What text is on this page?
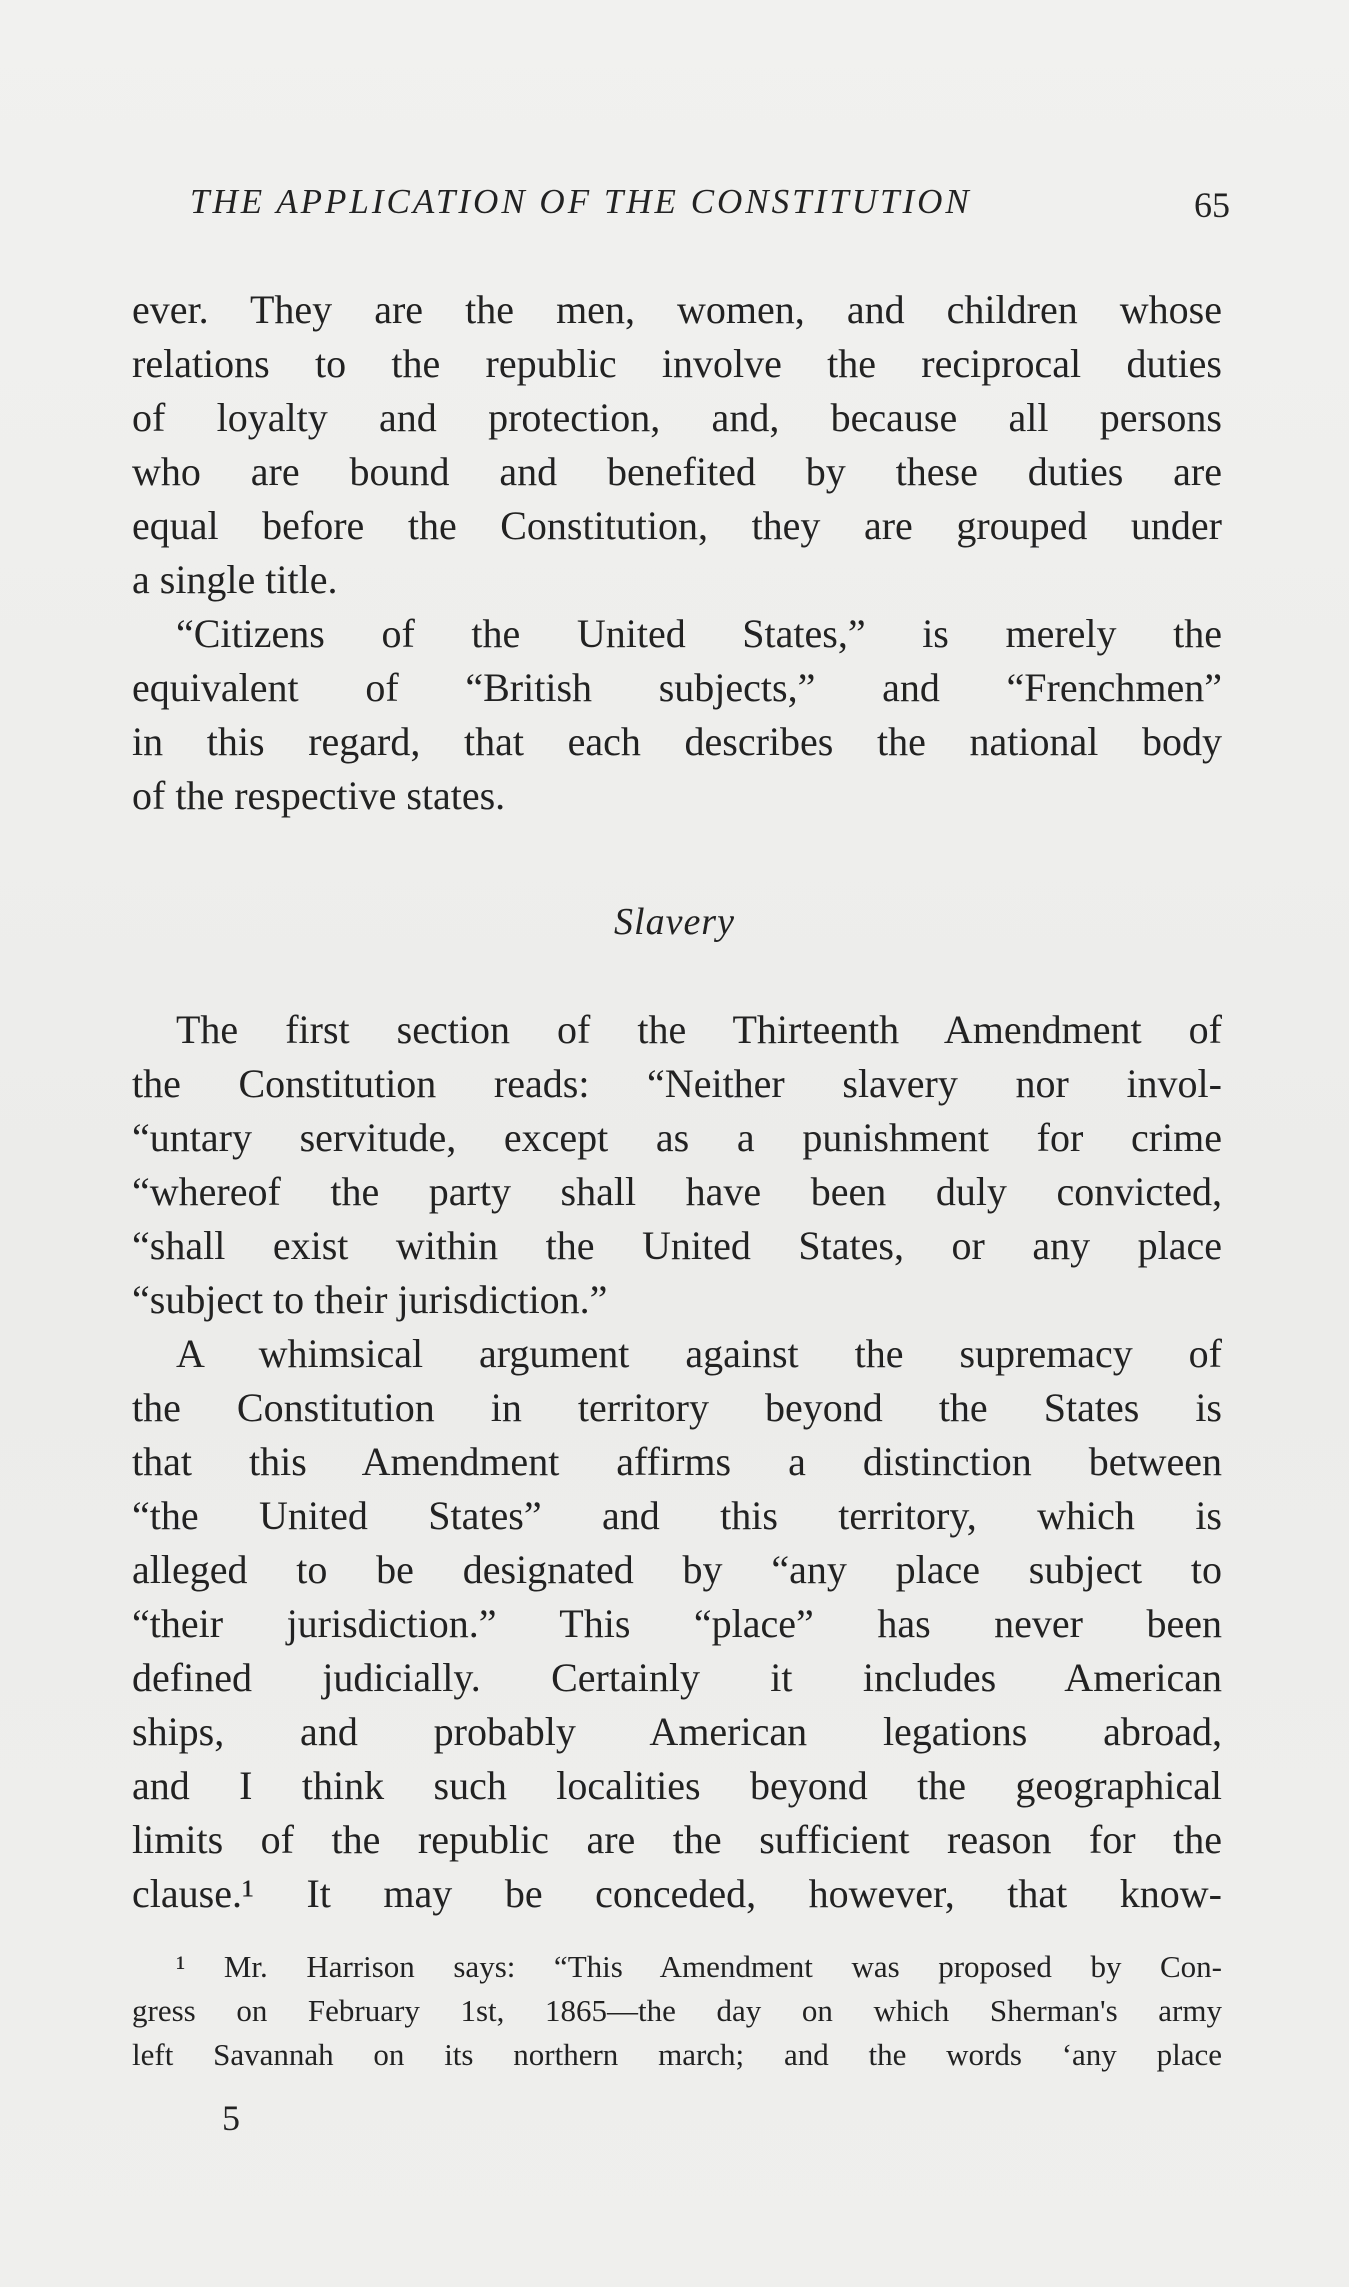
THE APPLICATION OF THE CONSTITUTION	65
ever. They are the men, women, and children whose
relations to the republic involve the reciprocal duties
of loyalty and protection, and, because all persons
who are bound and benefited by these duties are
equal before the Constitution, they are grouped under
a single title.
“Citizens of the United States,” is merely the
equivalent of “British subjects,” and “Frenchmen”
in this regard, that each describes the national body
of the respective states.
Slavery
The first section of the Thirteenth Amendment of
the Constitution reads: “Neither slavery nor invol-
“untary servitude, except as a punishment for crime
“whereof the party shall have been duly convicted,
“shall exist within the United States, or any place
“subject to their jurisdiction.”
A whimsical argument against the supremacy of
the Constitution in territory beyond the States is
that this Amendment affirms a distinction between
“the United States” and this territory, which is
alleged to be designated by “any place subject to
“their jurisdiction.” This “place” has never been
defined judicially. Certainly it includes American
ships, and probably American legations abroad,
and I think such localities beyond the geographical
limits of the republic are the sufficient reason for the
clause.¹ It may be conceded, however, that know-
¹ Mr. Harrison says: “This Amendment was proposed by Con-
gress on February 1st, 1865—the day on which Sherman's army
left Savannah on its northern march; and the words ‘any place
5
